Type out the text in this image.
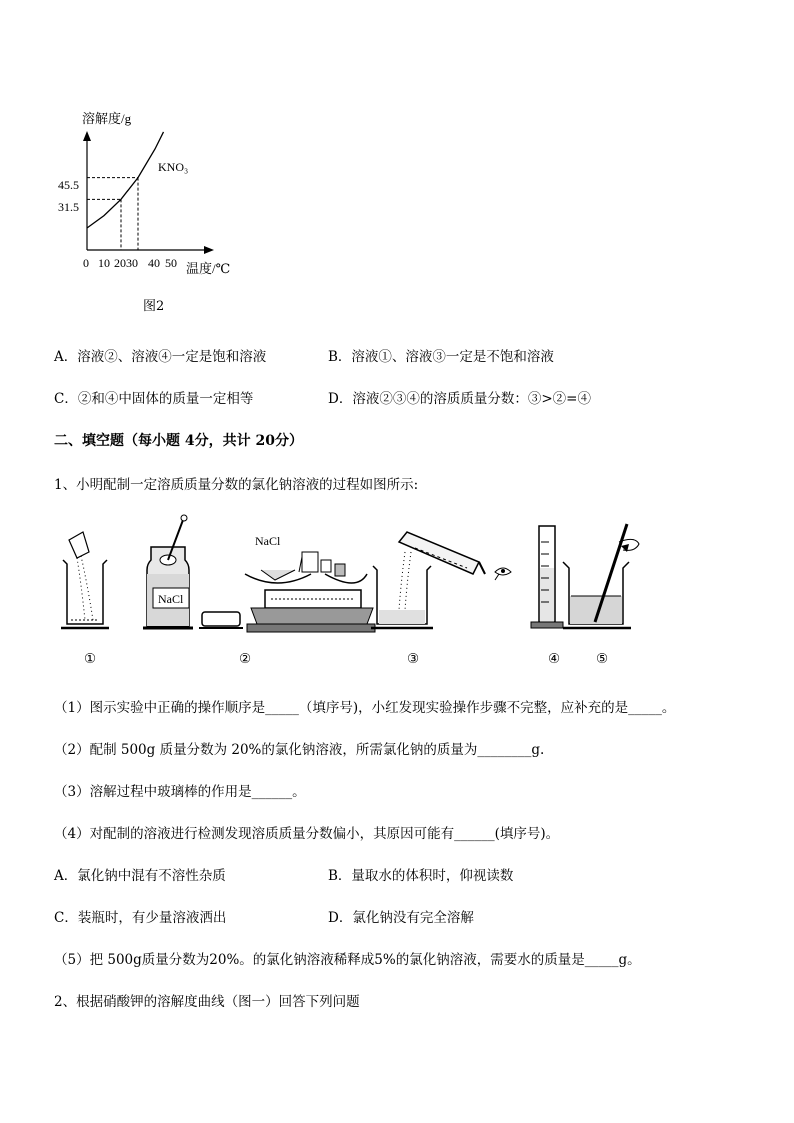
溶解度/g
0 10 2030 40 50 温度/℃
31.5
45.5
KNO₃
图2
A．溶液②、溶液④一定是饱和溶液	B．溶液①、溶液③一定是不饱和溶液
C．②和④中固体的质量一定相等	D．溶液②③④的溶质质量分数：③>②=④
二、填空题（每小题 4分，共计 20分）
1、小明配制一定溶质质量分数的氯化钠溶液的过程如图所示:
NaCl
NaCl
①	②	③	④	⑤
（1）图示实验中正确的操作顺序是_____（填序号)，小红发现实验操作步骤不完整，应补充的是_____。
（2）配制 500g 质量分数为 20%的氯化钠溶液，所需氯化钠的质量为________g.
（3）溶解过程中玻璃棒的作用是______。
（4）对配制的溶液进行检测发现溶质质量分数偏小，其原因可能有______(填序号)。
A．氯化钠中混有不溶性杂质	B．量取水的体积时，仰视读数
C．装瓶时，有少量溶液洒出	D．氯化钠没有完全溶解
（5）把 500g质量分数为20%。的氯化钠溶液稀释成5%的氯化钠溶液，需要水的质量是_____g。
2、根据硝酸钾的溶解度曲线（图一）回答下列问题
